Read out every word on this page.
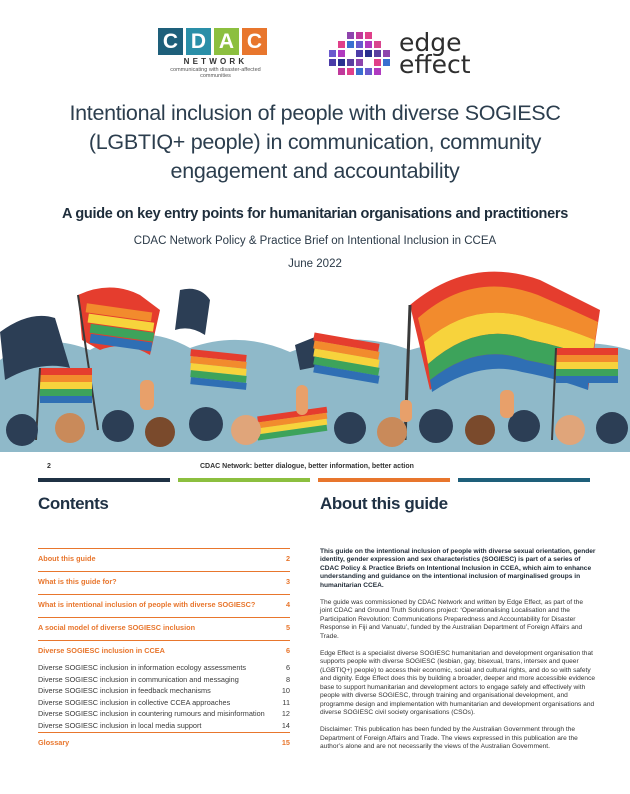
C D A C
NETWORK
communicating with disaster-affected communities
edge
effect
Intentional inclusion of people with diverse SOGIESC (LGBTIQ+ people) in communication, community engagement and accountability
A guide on key entry points for humanitarian organisations and practitioners
CDAC Network Policy & Practice Brief on Intentional Inclusion in CCEA
June 2022
2	CDAC Network: better dialogue, better information, better action
Contents	About this guide
About this guide	2
What is this guide for?	3
What is intentional inclusion of people with diverse SOGIESC?	4
A social model of diverse SOGIESC inclusion	5
Diverse SOGIESC inclusion in CCEA	6
Diverse SOGIESC inclusion in information ecology assessments	6
Diverse SOGIESC inclusion in communication and messaging	8
Diverse SOGIESC inclusion in feedback mechanisms	10
Diverse SOGIESC inclusion in collective CCEA approaches	11
Diverse SOGIESC inclusion in countering rumours and misinformation 12
Diverse SOGIESC inclusion in local media support	14
Glossary	15

This guide on the intentional inclusion of people with diverse sexual orientation, gender identity, gender expression and sex characteristics (SOGIESC) is part of a series of CDAC Policy & Practice Briefs on Intentional Inclusion in CCEA, which aim to enhance understanding and guidance on the intentional inclusion of marginalised groups in humanitarian CCEA.

The guide was commissioned by CDAC Network and written by Edge Effect, as part of the joint CDAC and Ground Truth Solutions project: ‘Operationalising Localisation and the Participation Revolution: Communications Preparedness and Accountability for Disaster Response in Fiji and Vanuatu’, funded by the Australian Department of Foreign Affairs and Trade.

Edge Effect is a specialist diverse SOGIESC humanitarian and development organisation that supports people with diverse SOGIESC (lesbian, gay, bisexual, trans, intersex and queer (LGBTIQ+) people) to access their economic, social and cultural rights, and do so with safety and dignity. Edge Effect does this by building a broader, deeper and more accessible evidence base to support humanitarian and development actors to engage safely and effectively with people with diverse SOGIESC, through training and organisational development, and programme design and implementation with humanitarian and development organisations and diverse SOGIESC civil society organisations (CSOs).

Disclaimer: This publication has been funded by the Australian Government through the Department of Foreign Affairs and Trade. The views expressed in this publication are the author’s alone and are not necessarily the views of the Australian Government.
